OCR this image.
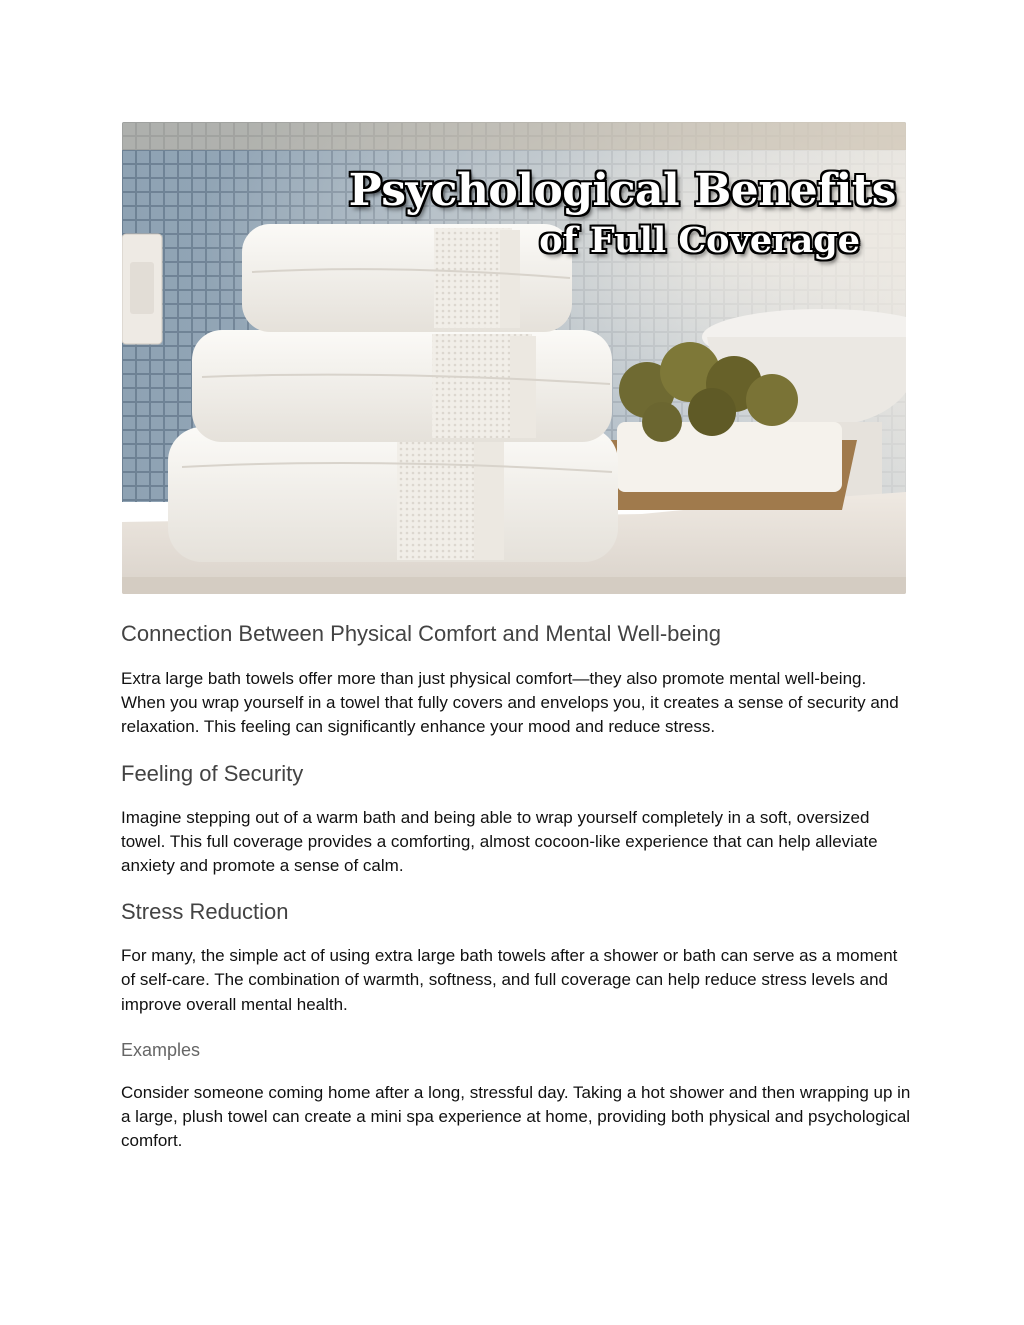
Psychological Benefits
of Full Coverage
Connection Between Physical Comfort and Mental Well-being

Extra large bath towels offer more than just physical comfort—they also promote mental well-being. When you wrap yourself in a towel that fully covers and envelops you, it creates a sense of security and relaxation. This feeling can significantly enhance your mood and reduce stress.

Feeling of Security

Imagine stepping out of a warm bath and being able to wrap yourself completely in a soft, oversized towel. This full coverage provides a comforting, almost cocoon-like experience that can help alleviate anxiety and promote a sense of calm.

Stress Reduction

For many, the simple act of using extra large bath towels after a shower or bath can serve as a moment of self-care. The combination of warmth, softness, and full coverage can help reduce stress levels and improve overall mental health.

Examples

Consider someone coming home after a long, stressful day. Taking a hot shower and then wrapping up in a large, plush towel can create a mini spa experience at home, providing both physical and psychological comfort.
